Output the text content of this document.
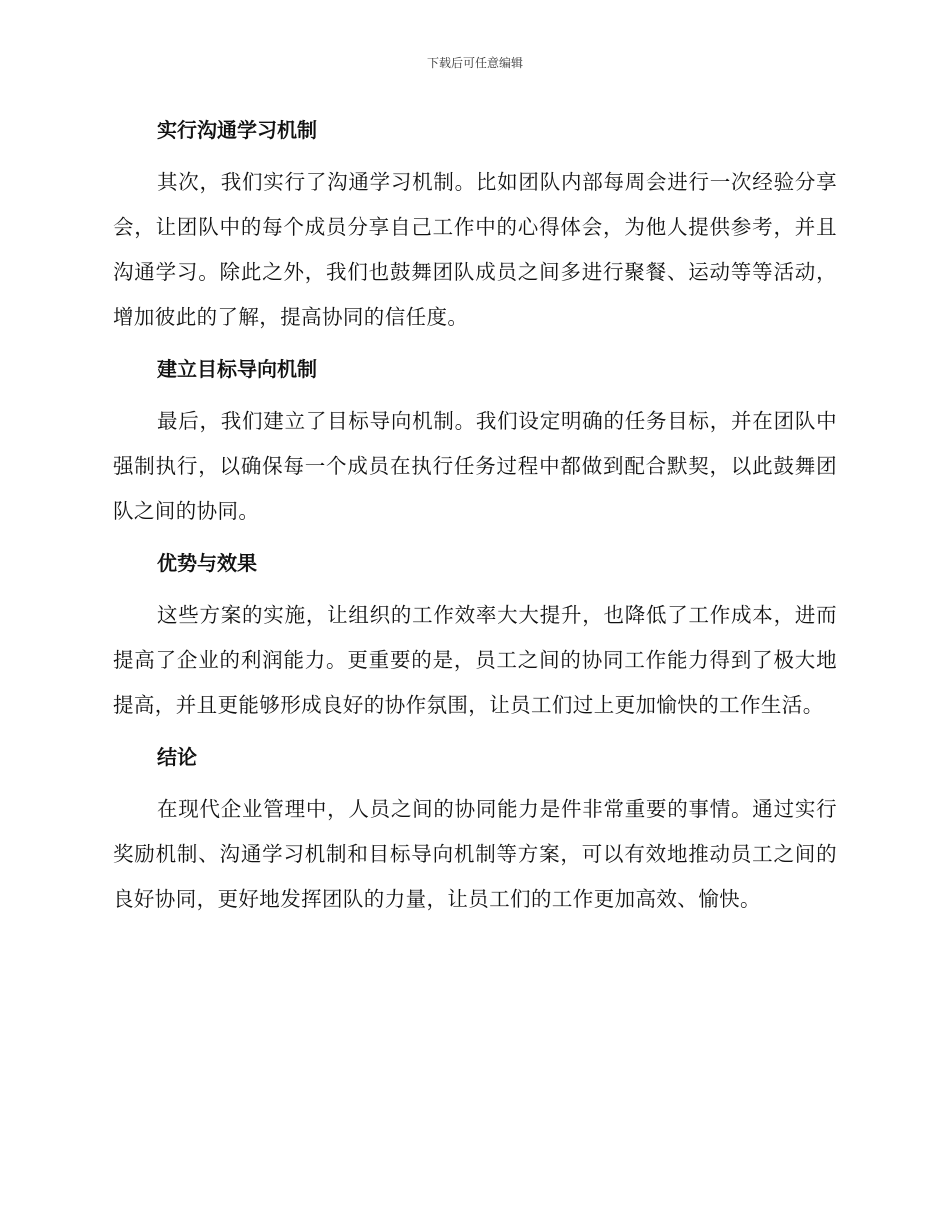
下载后可任意编辑
实行沟通学习机制

其次，我们实行了沟通学习机制。比如团队内部每周会进行一次经验分享会，让团队中的每个成员分享自己工作中的心得体会，为他人提供参考，并且沟通学习。除此之外，我们也鼓舞团队成员之间多进行聚餐、运动等等活动，增加彼此的了解，提高协同的信任度。

建立目标导向机制

最后，我们建立了目标导向机制。我们设定明确的任务目标，并在团队中强制执行，以确保每一个成员在执行任务过程中都做到配合默契，以此鼓舞团队之间的协同。

优势与效果

这些方案的实施，让组织的工作效率大大提升，也降低了工作成本，进而提高了企业的利润能力。更重要的是，员工之间的协同工作能力得到了极大地提高，并且更能够形成良好的协作氛围，让员工们过上更加愉快的工作生活。

结论

在现代企业管理中，人员之间的协同能力是件非常重要的事情。通过实行奖励机制、沟通学习机制和目标导向机制等方案，可以有效地推动员工之间的良好协同，更好地发挥团队的力量，让员工们的工作更加高效、愉快。
